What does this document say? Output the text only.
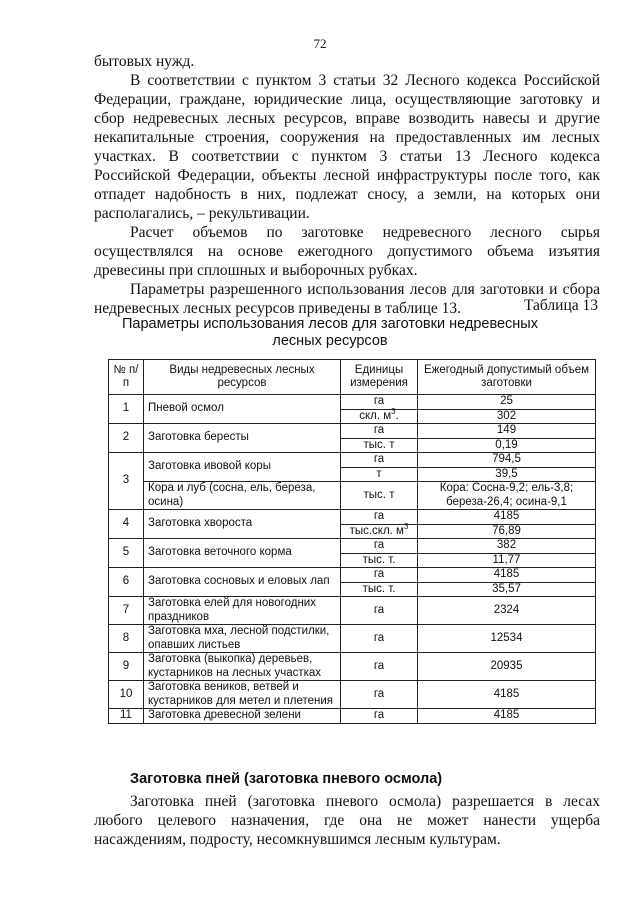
72

бытовых нужд.

В соответствии с пунктом 3 статьи 32 Лесного кодекса Российской Федерации, граждане, юридические лица, осуществляющие заготовку и сбор недревесных лесных ресурсов, вправе возводить навесы и другие некапитальные строения, сооружения на предоставленных им лесных участках. В соответствии с пунктом 3 статьи 13 Лесного кодекса Российской Федерации, объекты лесной инфраструктуры после того, как отпадет надобность в них, подлежат сносу, а земли, на которых они располагались, – рекультивации.

Расчет объемов по заготовке недревесного лесного сырья осуществлялся на основе ежегодного допустимого объема изъятия древесины при сплошных и выборочных рубках.

Параметры разрешенного использования лесов для заготовки и сбора недревесных лесных ресурсов приведены в таблице 13.	Таблица 13
Параметры использования лесов для заготовки недревесных лесных ресурсов
№ п/п	Виды недревесных лесных ресурсов	Единицы измерения	Ежегодный допустимый объем заготовки
1	Пневой осмол	га	25
		скл. $м^3$.	302
2	Заготовка бересты	га	149
		тыс. т	0,19
3	Заготовка ивовой коры	га	794,5
		т	39,5
	Кора и луб (сосна, ель, береза, осина)	тыс. т	Кора: Сосна-9,2; ель-3,8; береза-26,4; осина-9,1
4	Заготовка хвороста	га	4185
		тыс.скл. $м^3$	76,89
5	Заготовка веточного корма	га	382
		тыс. т.	11,77
6	Заготовка сосновых и еловых лап	га	4185
		тыс. т.	35,57
7	Заготовка елей для новогодних праздников	га	2324
8	Заготовка мха, лесной подстилки, опавших листьев	га	12534
9	Заготовка (выкопка) деревьев, кустарников на лесных участках	га	20935
10	Заготовка веников, ветвей и кустарников для метел и плетения	га	4185
11	Заготовка древесной зелени	га	4185
Заготовка пней (заготовка пневого осмола)

Заготовка пней (заготовка пневого осмола) разрешается в лесах любого целевого назначения, где она не может нанести ущерба насаждениям, подросту, несомкнувшимся лесным культурам.
